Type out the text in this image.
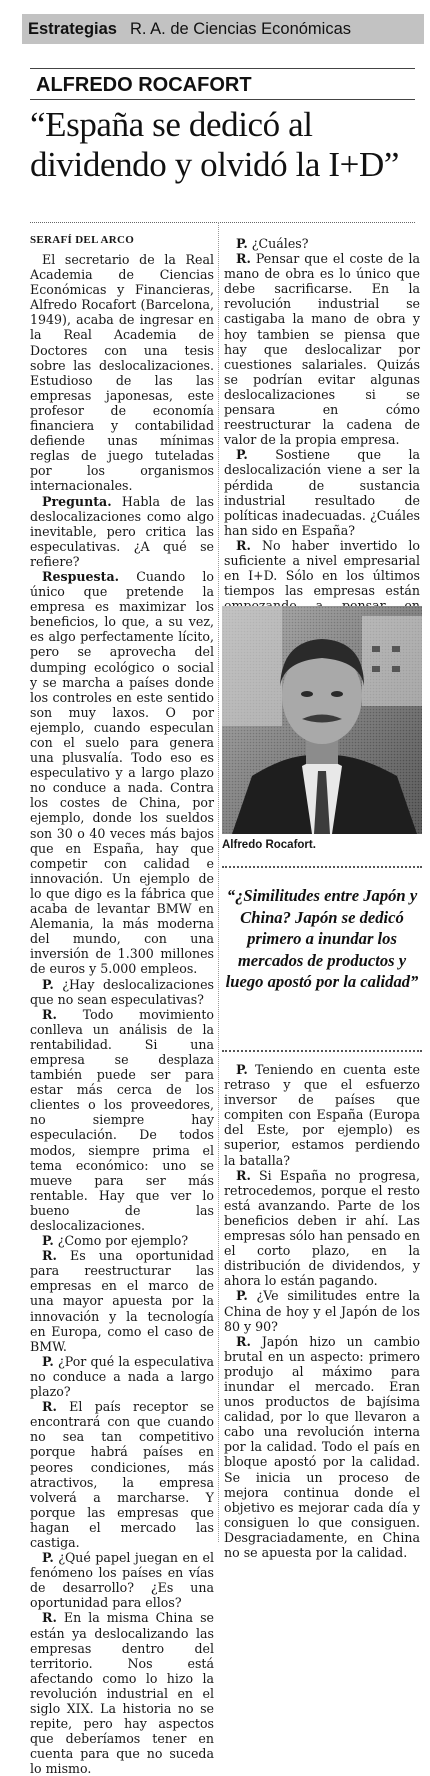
Estrategias R. A. de Ciencias Económicas
ALFREDO ROCAFORT
“España se dedicó al dividendo y olvidó la I+D”
SERAFÍ DEL ARCO

El secretario de la Real Academia de Ciencias Económicas y Financieras, Alfredo Rocafort (Barcelona, 1949), acaba de ingresar en la Real Academia de Doctores con una tesis sobre las deslocalizaciones. Estudioso de las las empresas japonesas, este profesor de economía financiera y contabilidad defiende unas mínimas reglas de juego tuteladas por los organismos internacionales.

Pregunta. Habla de las deslocalizaciones como algo inevitable, pero critica las especulativas. ¿A qué se refiere?

Respuesta. Cuando lo único que pretende la empresa es maximizar los beneficios, lo que, a su vez, es algo perfectamente lícito, pero se aprovecha del dumping ecológico o social y se marcha a países donde los controles en este sentido son muy laxos. O por ejemplo, cuando especulan con el suelo para genera una plusvalía. Todo eso es especulativo y a largo plazo no conduce a nada. Contra los costes de China, por ejemplo, donde los sueldos son 30 o 40 veces más bajos que en España, hay que competir con calidad e innovación. Un ejemplo de lo que digo es la fábrica que acaba de levantar BMW en Alemania, la más moderna del mundo, con una inversión de 1.300 millones de euros y 5.000 empleos.

P. ¿Hay deslocalizaciones que no sean especulativas?

R. Todo movimiento conlleva un análisis de la rentabilidad. Si una empresa se desplaza también puede ser para estar más cerca de los clientes o los proveedores, no siempre hay especulación. De todos modos, siempre prima el tema económico: uno se mueve para ser más rentable. Hay que ver lo bueno de las deslocalizaciones.

P. ¿Como por ejemplo?

R. Es una oportunidad para reestructurar las empresas en el marco de una mayor apuesta por la innovación y la tecnología en Europa, como el caso de BMW.

P. ¿Por qué la especulativa no conduce a nada a largo plazo?

R. El país receptor se encontrará con que cuando no sea tan competitivo porque habrá países en peores condiciones, más atractivos, la empresa volverá a marcharse. Y porque las empresas que hagan el mercado las castiga.

P. ¿Qué papel juegan en el fenómeno los países en vías de desarrollo? ¿Es una oportunidad para ellos?

R. En la misma China se están ya deslocalizando las empresas dentro del territorio. Nos está afectando como lo hizo la revolución industrial en el siglo XIX. La historia no se repite, pero hay aspectos que deberíamos tener en cuenta para que no suceda lo mismo.

P. ¿Cuáles?

R. Pensar que el coste de la mano de obra es lo único que debe sacrificarse. En la revolución industrial se castigaba la mano de obra y hoy tambien se piensa que hay que deslocalizar por cuestiones salariales. Quizás se podrían evitar algunas deslocalizaciones si se pensara en cómo reestructurar la cadena de valor de la propia empresa.

P. Sostiene que la deslocalización viene a ser la pérdida de sustancia industrial resultado de políticas inadecuadas. ¿Cuáles han sido en España?

R. No haber invertido lo suficiente a nivel empresarial en I+D. Sólo en los últimos tiempos las empresas están

Alfredo Rocafort.
“¿Similitudes entre Japón y China? Japón se dedicó primero a inundar los mercados de productos y luego apostó por la calidad”

P. Teniendo en cuenta este retraso y que el esfuerzo inversor de países que compiten con España (Europa del Este, por ejemplo) es superior, estamos perdiendo la batalla?

R. Si España no progresa, retrocedemos, porque el resto está avanzando. Parte de los beneficios deben ir ahí. Las empresas sólo han pensado en el corto plazo, en la distribución de dividendos, y ahora lo están pagando.

P. ¿Ve similitudes entre la China de hoy y el Japón de los 80 y 90?

R. Japón hizo un cambio brutal en un aspecto: primero produjo al máximo para inundar el mercado. Eran unos productos de bajísima calidad, por lo que llevaron a cabo una revolución interna por la calidad. Todo el país en bloque apostó por la calidad. Se inicia un proceso de mejora continua donde el objetivo es mejorar cada día y consiguen lo que consiguen. Desgraciadamente, en China no se apuesta por la calidad.
